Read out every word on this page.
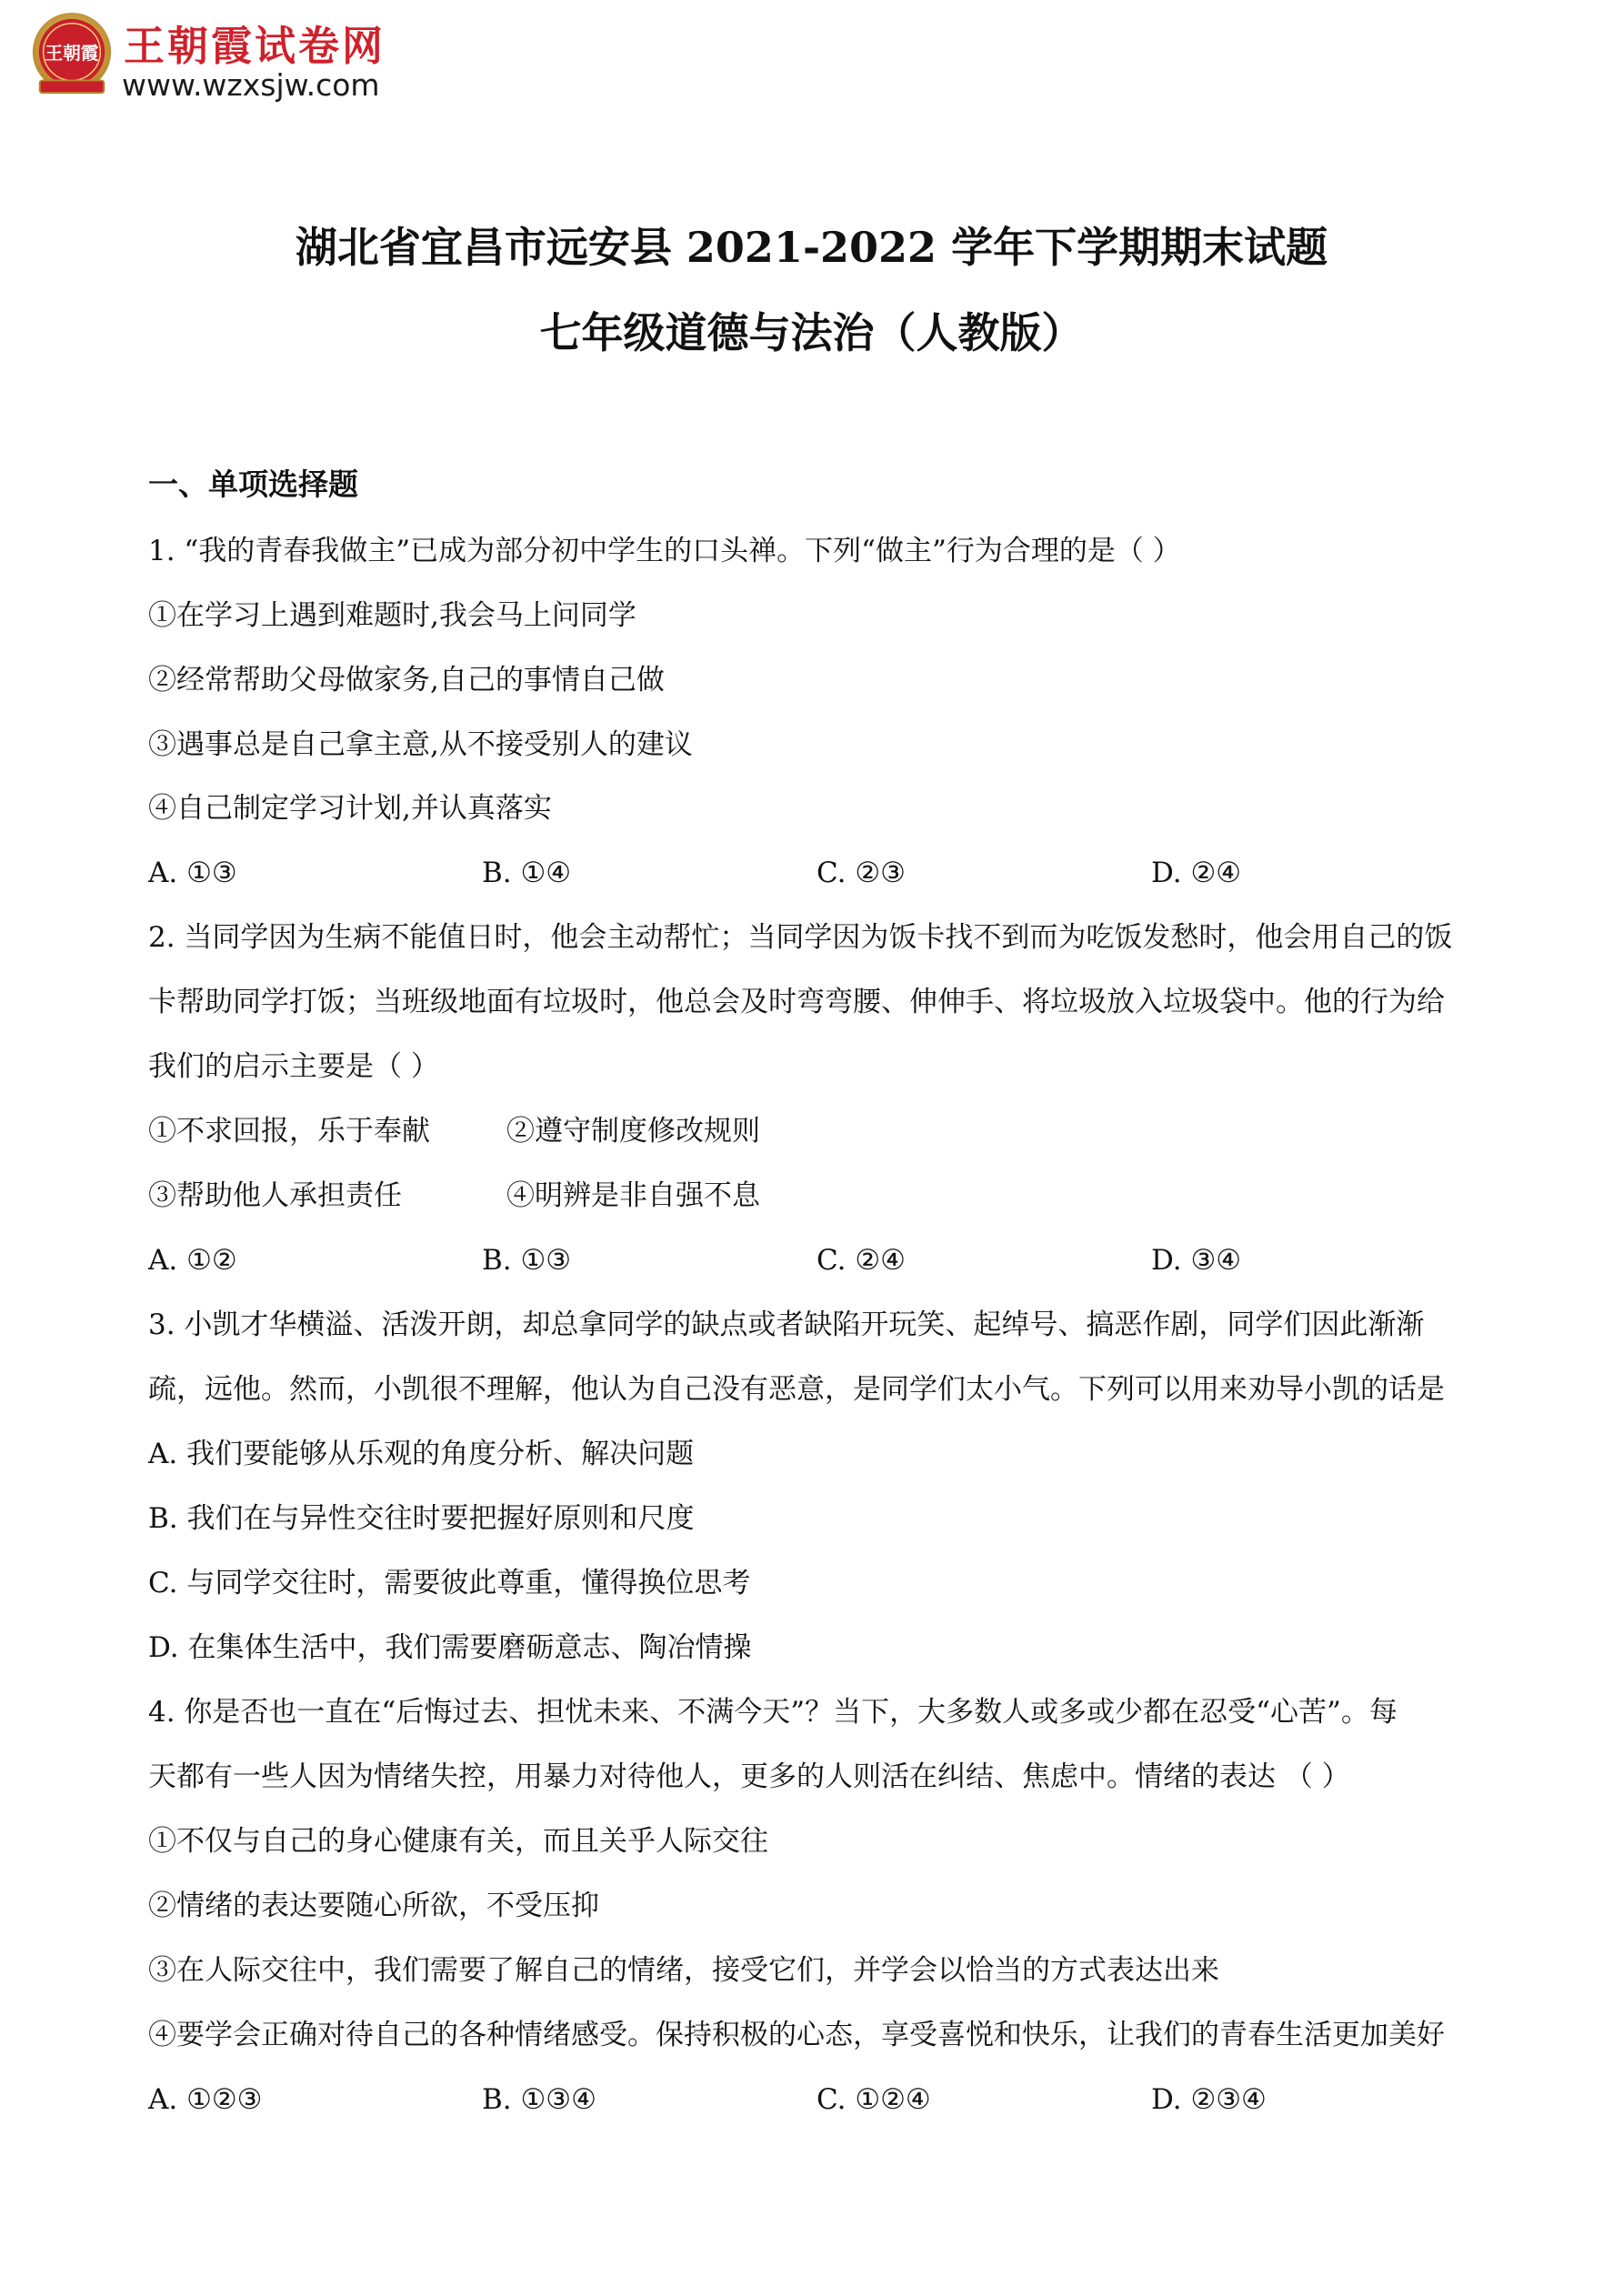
王朝霞 王朝霞试卷网
www.wzxsjw.com
湖北省宜昌市远安县 2021-2022 学年下学期期末试题
七年级道德与法治（人教版）
一、单项选择题
1. “我的青春我做主”已成为部分初中学生的口头禅。下列“做主”行为合理的是（ ）
①在学习上遇到难题时,我会马上问同学
②经常帮助父母做家务,自己的事情自己做
③遇事总是自己拿主意,从不接受别人的建议
④自己制定学习计划,并认真落实
A. ①③	B. ①④	C. ②③	D. ②④
2. 当同学因为生病不能值日时，他会主动帮忙；当同学因为饭卡找不到而为吃饭发愁时，他会用自己的饭
卡帮助同学打饭；当班级地面有垃圾时，他总会及时弯弯腰、伸伸手、将垃圾放入垃圾袋中。他的行为给
我们的启示主要是（ ）
①不求回报，乐于奉献	②遵守制度修改规则
③帮助他人承担责任	④明辨是非自强不息
A. ①②	B. ①③	C. ②④	D. ③④
3. 小凯才华横溢、活泼开朗，却总拿同学的缺点或者缺陷开玩笑、起绰号、搞恶作剧，同学们因此渐渐
疏，远他。然而，小凯很不理解，他认为自己没有恶意，是同学们太小气。下列可以用来劝导小凯的话是
A. 我们要能够从乐观的角度分析、解决问题
B. 我们在与异性交往时要把握好原则和尺度
C. 与同学交往时，需要彼此尊重，懂得换位思考
D. 在集体生活中，我们需要磨砺意志、陶冶情操
4. 你是否也一直在“后悔过去、担忧未来、不满今天”？当下，大多数人或多或少都在忍受“心苦”。每
天都有一些人因为情绪失控，用暴力对待他人，更多的人则活在纠结、焦虑中。情绪的表达 （ ）
①不仅与自己的身心健康有关，而且关乎人际交往
②情绪的表达要随心所欲，不受压抑
③在人际交往中，我们需要了解自己的情绪，接受它们，并学会以恰当的方式表达出来
④要学会正确对待自己的各种情绪感受。保持积极的心态，享受喜悦和快乐，让我们的青春生活更加美好
A. ①②③	B. ①③④	C. ①②④	D. ②③④
